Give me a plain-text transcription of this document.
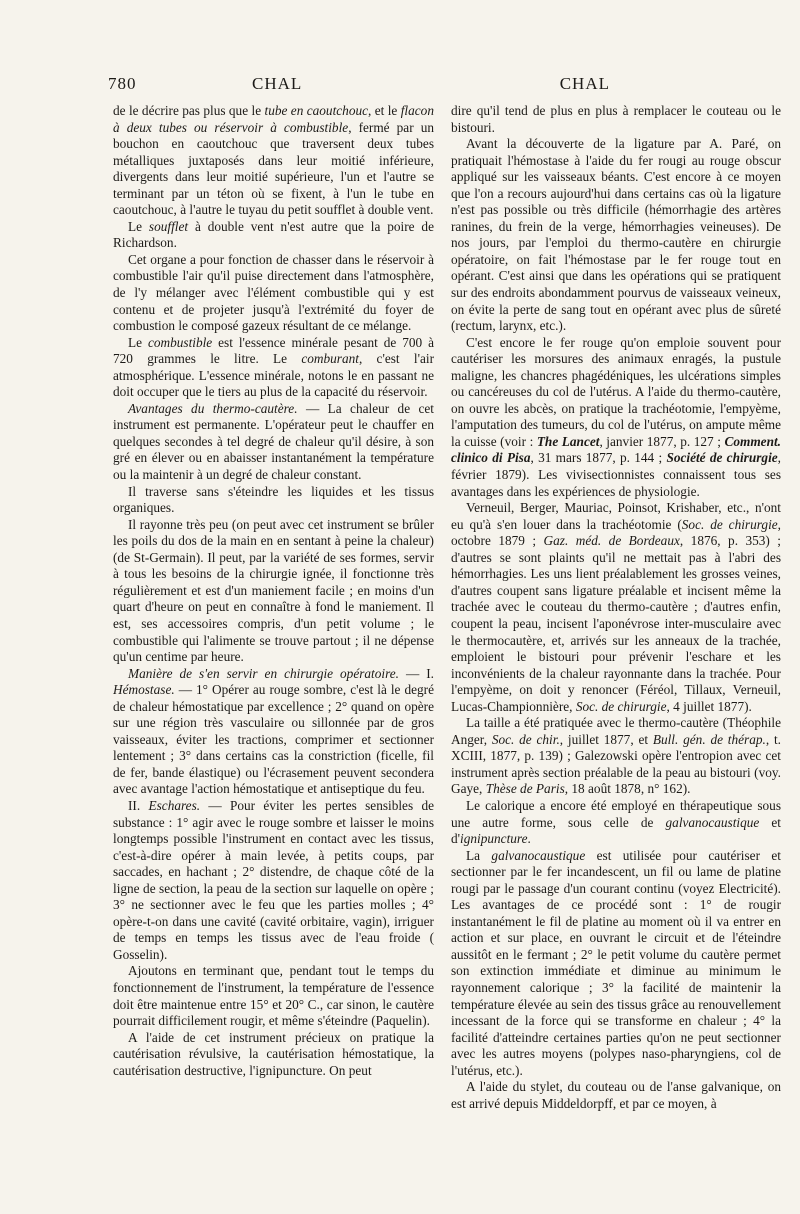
780	CHAL	CHAL

de le décrire pas plus que le tube en caoutchouc, et le flacon à deux tubes ou réservoir à combustible, fermé par un bouchon en caoutchouc que traversent deux tubes métalliques juxtaposés dans leur moitié inférieure, divergents dans leur moitié supérieure, l'un et l'autre se terminant par un téton où se fixent, à l'un le tube en caoutchouc, à l'autre le tuyau du petit soufflet à double vent.

Le soufflet à double vent n'est autre que la poire de Richardson.

Cet organe a pour fonction de chasser dans le réservoir à combustible l'air qu'il puise directement dans l'atmosphère, de l'y mélanger avec l'élément combustible qui y est contenu et de projeter jusqu'à l'extrémité du foyer de combustion le composé gazeux résultant de ce mélange.

Le combustible est l'essence minérale pesant de 700 à 720 grammes le litre. Le comburant, c'est l'air atmosphérique. L'essence minérale, notons le en passant ne doit occuper que le tiers au plus de la capacité du réservoir.

Avantages du thermo-cautère. — La chaleur de cet instrument est permanente. L'opérateur peut le chauffer en quelques secondes à tel degré de chaleur qu'il désire, à son gré en élever ou en abaisser instantanément la température ou la maintenir à un degré de chaleur constant.

Il traverse sans s'éteindre les liquides et les tissus organiques.

Il rayonne très peu (on peut avec cet instrument se brûler les poils du dos de la main en en sentant à peine la chaleur) (de St-Germain). Il peut, par la variété de ses formes, servir à tous les besoins de la chirurgie ignée, il fonctionne très régulièrement et est d'un maniement facile ; en moins d'un quart d'heure on peut en connaître à fond le maniement. Il est, ses accessoires compris, d'un petit volume ; le combustible qui l'alimente se trouve partout ; il ne dépense qu'un centime par heure.

Manière de s'en servir en chirurgie opératoire. — I. Hémostase. — 1° Opérer au rouge sombre, c'est là le degré de chaleur hémostatique par excellence ; 2° quand on opère sur une région très vasculaire ou sillonnée par de gros vaisseaux, éviter les tractions, comprimer et sectionner lentement ; 3° dans certains cas la constriction (ficelle, fil de fer, bande élastique) ou l'écrasement peuvent secondera avec avantage l'action hémostatique et antiseptique du feu.

II. Eschares. — Pour éviter les pertes sensibles de substance : 1° agir avec le rouge sombre et laisser le moins longtemps possible l'instrument en contact avec les tissus, c'est-à-dire opérer à main levée, à petits coups, par saccades, en hachant ; 2° distendre, de chaque côté de la ligne de section, la peau de la section sur laquelle on opère ; 3° ne sectionner avec le feu que les parties molles ; 4° opère-t-on dans une cavité (cavité orbitaire, vagin), irriguer de temps en temps les tissus avec de l'eau froide ( Gosselin).

Ajoutons en terminant que, pendant tout le temps du fonctionnement de l'instrument, la température de l'essence doit être maintenue entre 15° et 20° C., car sinon, le cautère pourrait difficilement rougir, et même s'éteindre (Paquelin).

A l'aide de cet instrument précieux on pratique la cautérisation révulsive, la cautérisation hémostatique, la cautérisation destructive, l'ignipuncture. On peut

dire qu'il tend de plus en plus à remplacer le couteau ou le bistouri.

Avant la découverte de la ligature par A. Paré, on pratiquait l'hémostase à l'aide du fer rougi au rouge obscur appliqué sur les vaisseaux béants. C'est encore à ce moyen que l'on a recours aujourd'hui dans certains cas où la ligature n'est pas possible ou très difficile (hémorrhagie des artères ranines, du frein de la verge, hémorrhagies veineuses). De nos jours, par l'emploi du thermo-cautère en chirurgie opératoire, on fait l'hémostase par le fer rouge tout en opérant. C'est ainsi que dans les opérations qui se pratiquent sur des endroits abondamment pourvus de vaisseaux veineux, on évite la perte de sang tout en opérant avec plus de sûreté (rectum, larynx, etc.).

C'est encore le fer rouge qu'on emploie souvent pour cautériser les morsures des animaux enragés, la pustule maligne, les chancres phagédéniques, les ulcérations simples ou cancéreuses du col de l'utérus. A l'aide du thermo-cautère, on ouvre les abcès, on pratique la trachéotomie, l'empyème, l'amputation des tumeurs, du col de l'utérus, on ampute même la cuisse (voir : The Lancet, janvier 1877, p. 127 ; Comment. clinico di Pisa, 31 mars 1877, p. 144 ; Société de chirurgie, février 1879). Les vivisectionnistes connaissent tous ses avantages dans les expériences de physiologie.

Verneuil, Berger, Mauriac, Poinsot, Krishaber, etc., n'ont eu qu'à s'en louer dans la trachéotomie (Soc. de chirurgie, octobre 1879 ; Gaz. méd. de Bordeaux, 1876, p. 353) ; d'autres se sont plaints qu'il ne mettait pas à l'abri des hémorrhagies. Les uns lient préalablement les grosses veines, d'autres coupent sans ligature préalable et incisent même la trachée avec le couteau du thermo-cautère ; d'autres enfin, coupent la peau, incisent l'aponévrose inter-musculaire avec le thermocautère, et, arrivés sur les anneaux de la trachée, emploient le bistouri pour prévenir l'eschare et les inconvénients de la chaleur rayonnante dans la trachée. Pour l'empyème, on doit y renoncer (Féréol, Tillaux, Verneuil, Lucas-Championnière, Soc. de chirurgie, 4 juillet 1877).

La taille a été pratiquée avec le thermo-cautère (Théophile Anger, Soc. de chir., juillet 1877, et Bull. gén. de thérap., t. XCIII, 1877, p. 139) ; Galezowski opère l'entropion avec cet instrument après section préalable de la peau au bistouri (voy. Gaye, Thèse de Paris, 18 août 1878, n° 162).

Le calorique a encore été employé en thérapeutique sous une autre forme, sous celle de galvanocaustique et d'ignipuncture.

La galvanocaustique est utilisée pour cautériser et sectionner par le fer incandescent, un fil ou lame de platine rougi par le passage d'un courant continu (voyez Electricité). Les avantages de ce procédé sont : 1° de rougir instantanément le fil de platine au moment où il va entrer en action et sur place, en ouvrant le circuit et de l'éteindre aussitôt en le fermant ; 2° le petit volume du cautère permet son extinction immédiate et diminue au minimum le rayonnement calorique ; 3° la facilité de maintenir la température élevée au sein des tissus grâce au renouvellement incessant de la force qui se transforme en chaleur ; 4° la facilité d'atteindre certaines parties qu'on ne peut sectionner avec les autres moyens (polypes naso-pharyngiens, col de l'utérus, etc.).

A l'aide du stylet, du couteau ou de l'anse galvanique, on est arrivé depuis Middeldorpff, et par ce moyen, à
